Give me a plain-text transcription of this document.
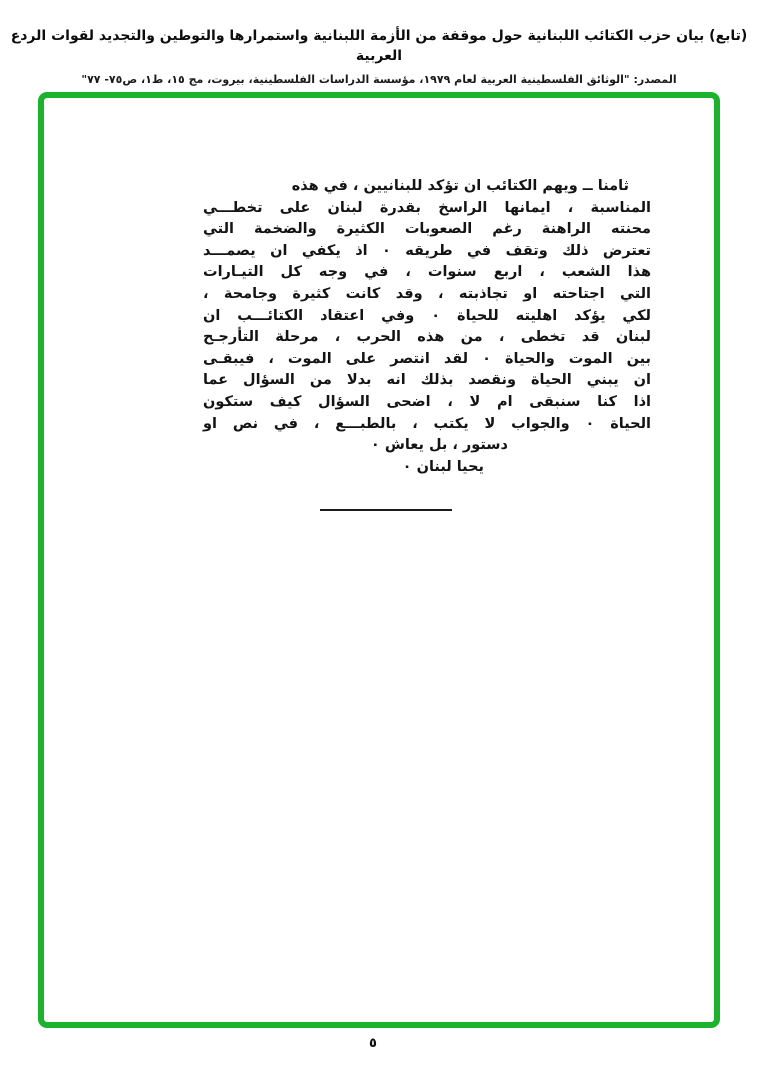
(تابع) بيان حزب الكتائب اللبنانية حول موقفة من الأزمة اللبنانية واستمرارها والتوطين والتجديد لقوات الردع العربية
المصدر: "الوثائق الفلسطينية العربية لعام ١٩٧٩، مؤسسة الدراسات الفلسطينية، بيروت، مج ١٥، ط١، ص٧٥- ٧٧"
ثامنا ــ ويهم الكتائب ان تؤكد للبنانيين ، في هذه
المناسبة ، ايمانها الراسخ بقدرة لبنان على تخطـــي
محنته الراهنة رغم الصعوبات الكثيرة والضخمة التي
تعترض ذلك وتقف في طريقه ٠ اذ يكفي ان يصمـــد
هذا الشعب ، اربع سنوات ، في وجه كل التيـارات
التي اجتاحته او تجاذبته ، وقد كانت كثيرة وجامحة ،
لكي يؤكد اهليته للحياة ٠ وفي اعتقاد الكتائـــب ان
لبنان قد تخطى ، من هذه الحرب ، مرحلة التأرجـح
بين الموت والحياة ٠ لقد انتصر على الموت ، فيبقـى
ان يبني الحياة ونقصد بذلك انه بدلا من السؤال عما
اذا كنا سنبقى ام لا ، اضحى السؤال كيف ستكون
الحياة ٠ والجواب لا يكتب ، بالطبـــع ، في نص او
دستور ، بل يعاش ٠
يحيا لبنان ٠
٥
